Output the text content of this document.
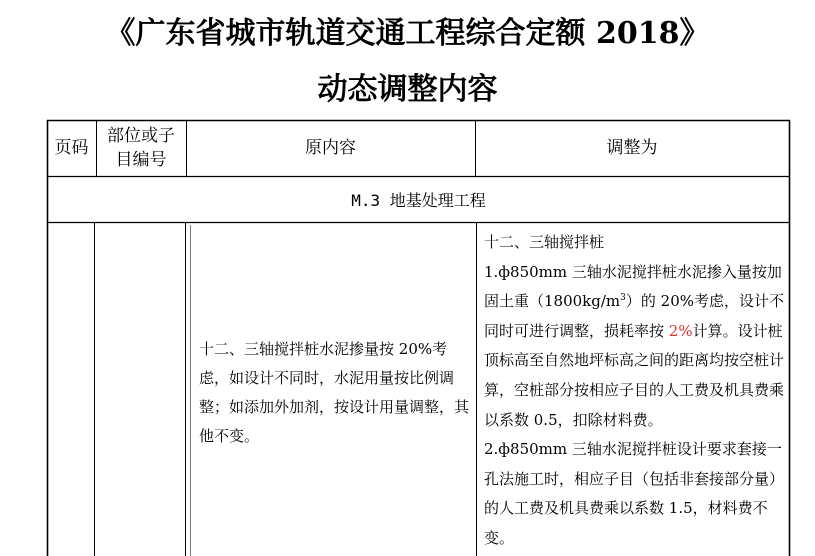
《广东省城市轨道交通工程综合定额 2018》
动态调整内容
页码
部位或子
目编号
原内容	调整为
M.3 地基处理工程
十二、三轴搅拌桩水泥掺量按 20%考虑，如设计不同时，水泥用量按比例调整；如添加外加剂，按设计用量调整，其他不变。

十二、三轴搅拌桩

1.ф850mm 三轴水泥搅拌桩水泥掺入量按加固土重$(1800kg/m^3)$的 20%考虑，设计不同时可进行调整，损耗率按 2%计算。设计桩顶标高至自然地坪标高之间的距离均按空桩计算，空桩部分按相应子目的人工费及机具费乘以系数 0.5，扣除材料费。

2.ф850mm 三轴水泥搅拌桩设计要求套接一孔法施工时，相应子目（包括非套接部分量）的人工费及机具费乘以系数 1.5，材料费不变。
